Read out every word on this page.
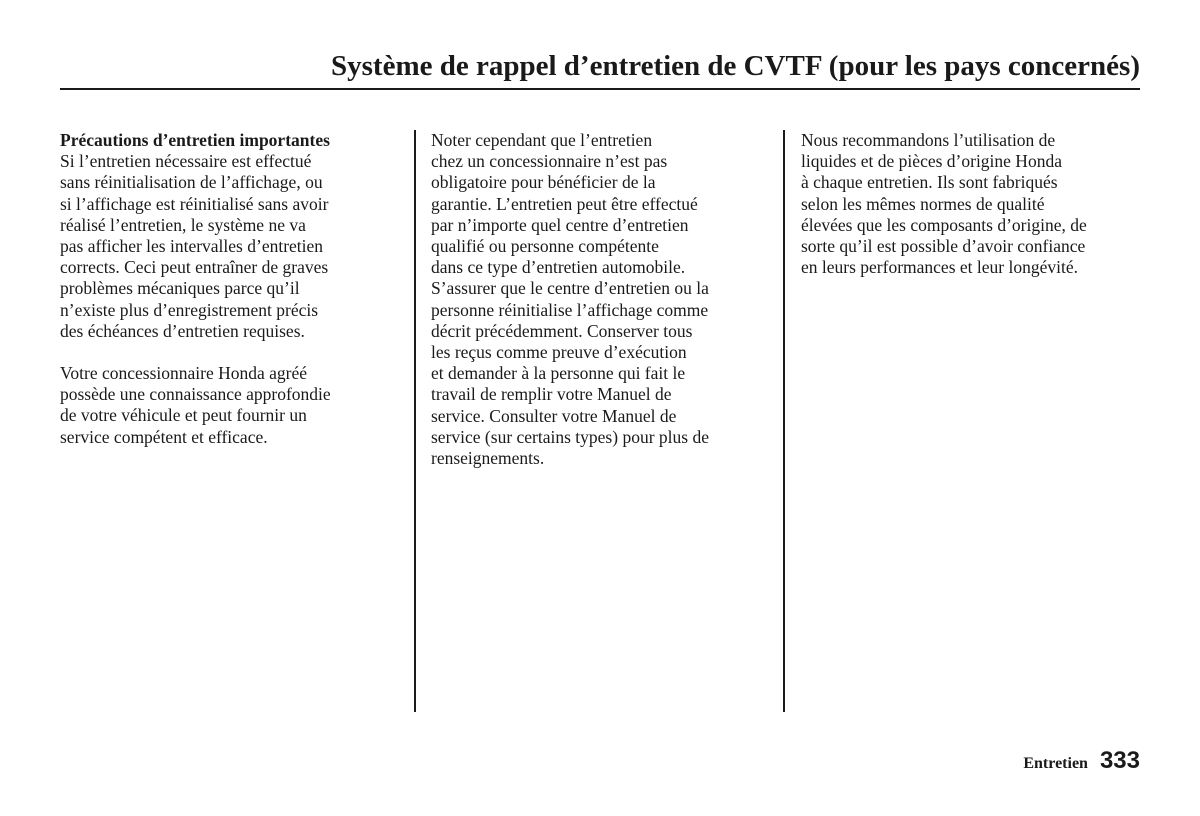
Système de rappel d’entretien de CVTF (pour les pays concernés)
Précautions d’entretien importantes
Si l’entretien nécessaire est effectué
sans réinitialisation de l’affichage, ou
si l’affichage est réinitialisé sans avoir
réalisé l’entretien, le système ne va
pas afficher les intervalles d’entretien
corrects. Ceci peut entraîner de graves
problèmes mécaniques parce qu’il
n’existe plus d’enregistrement précis
des échéances d’entretien requises.
Votre concessionnaire Honda agréé
possède une connaissance approfondie
de votre véhicule et peut fournir un
service compétent et efficace.
Noter cependant que l’entretien
chez un concessionnaire n’est pas
obligatoire pour bénéficier de la
garantie. L’entretien peut être effectué
par n’importe quel centre d’entretien
qualifié ou personne compétente
dans ce type d’entretien automobile.
S’assurer que le centre d’entretien ou la
personne réinitialise l’affichage comme
décrit précédemment. Conserver tous
les reçus comme preuve d’exécution
et demander à la personne qui fait le
travail de remplir votre Manuel de
service. Consulter votre Manuel de
service (sur certains types) pour plus de
renseignements.
Nous recommandons l’utilisation de
liquides et de pièces d’origine Honda
à chaque entretien. Ils sont fabriqués
selon les mêmes normes de qualité
élevées que les composants d’origine, de
sorte qu’il est possible d’avoir confiance
en leurs performances et leur longévité.
Entretien 333
